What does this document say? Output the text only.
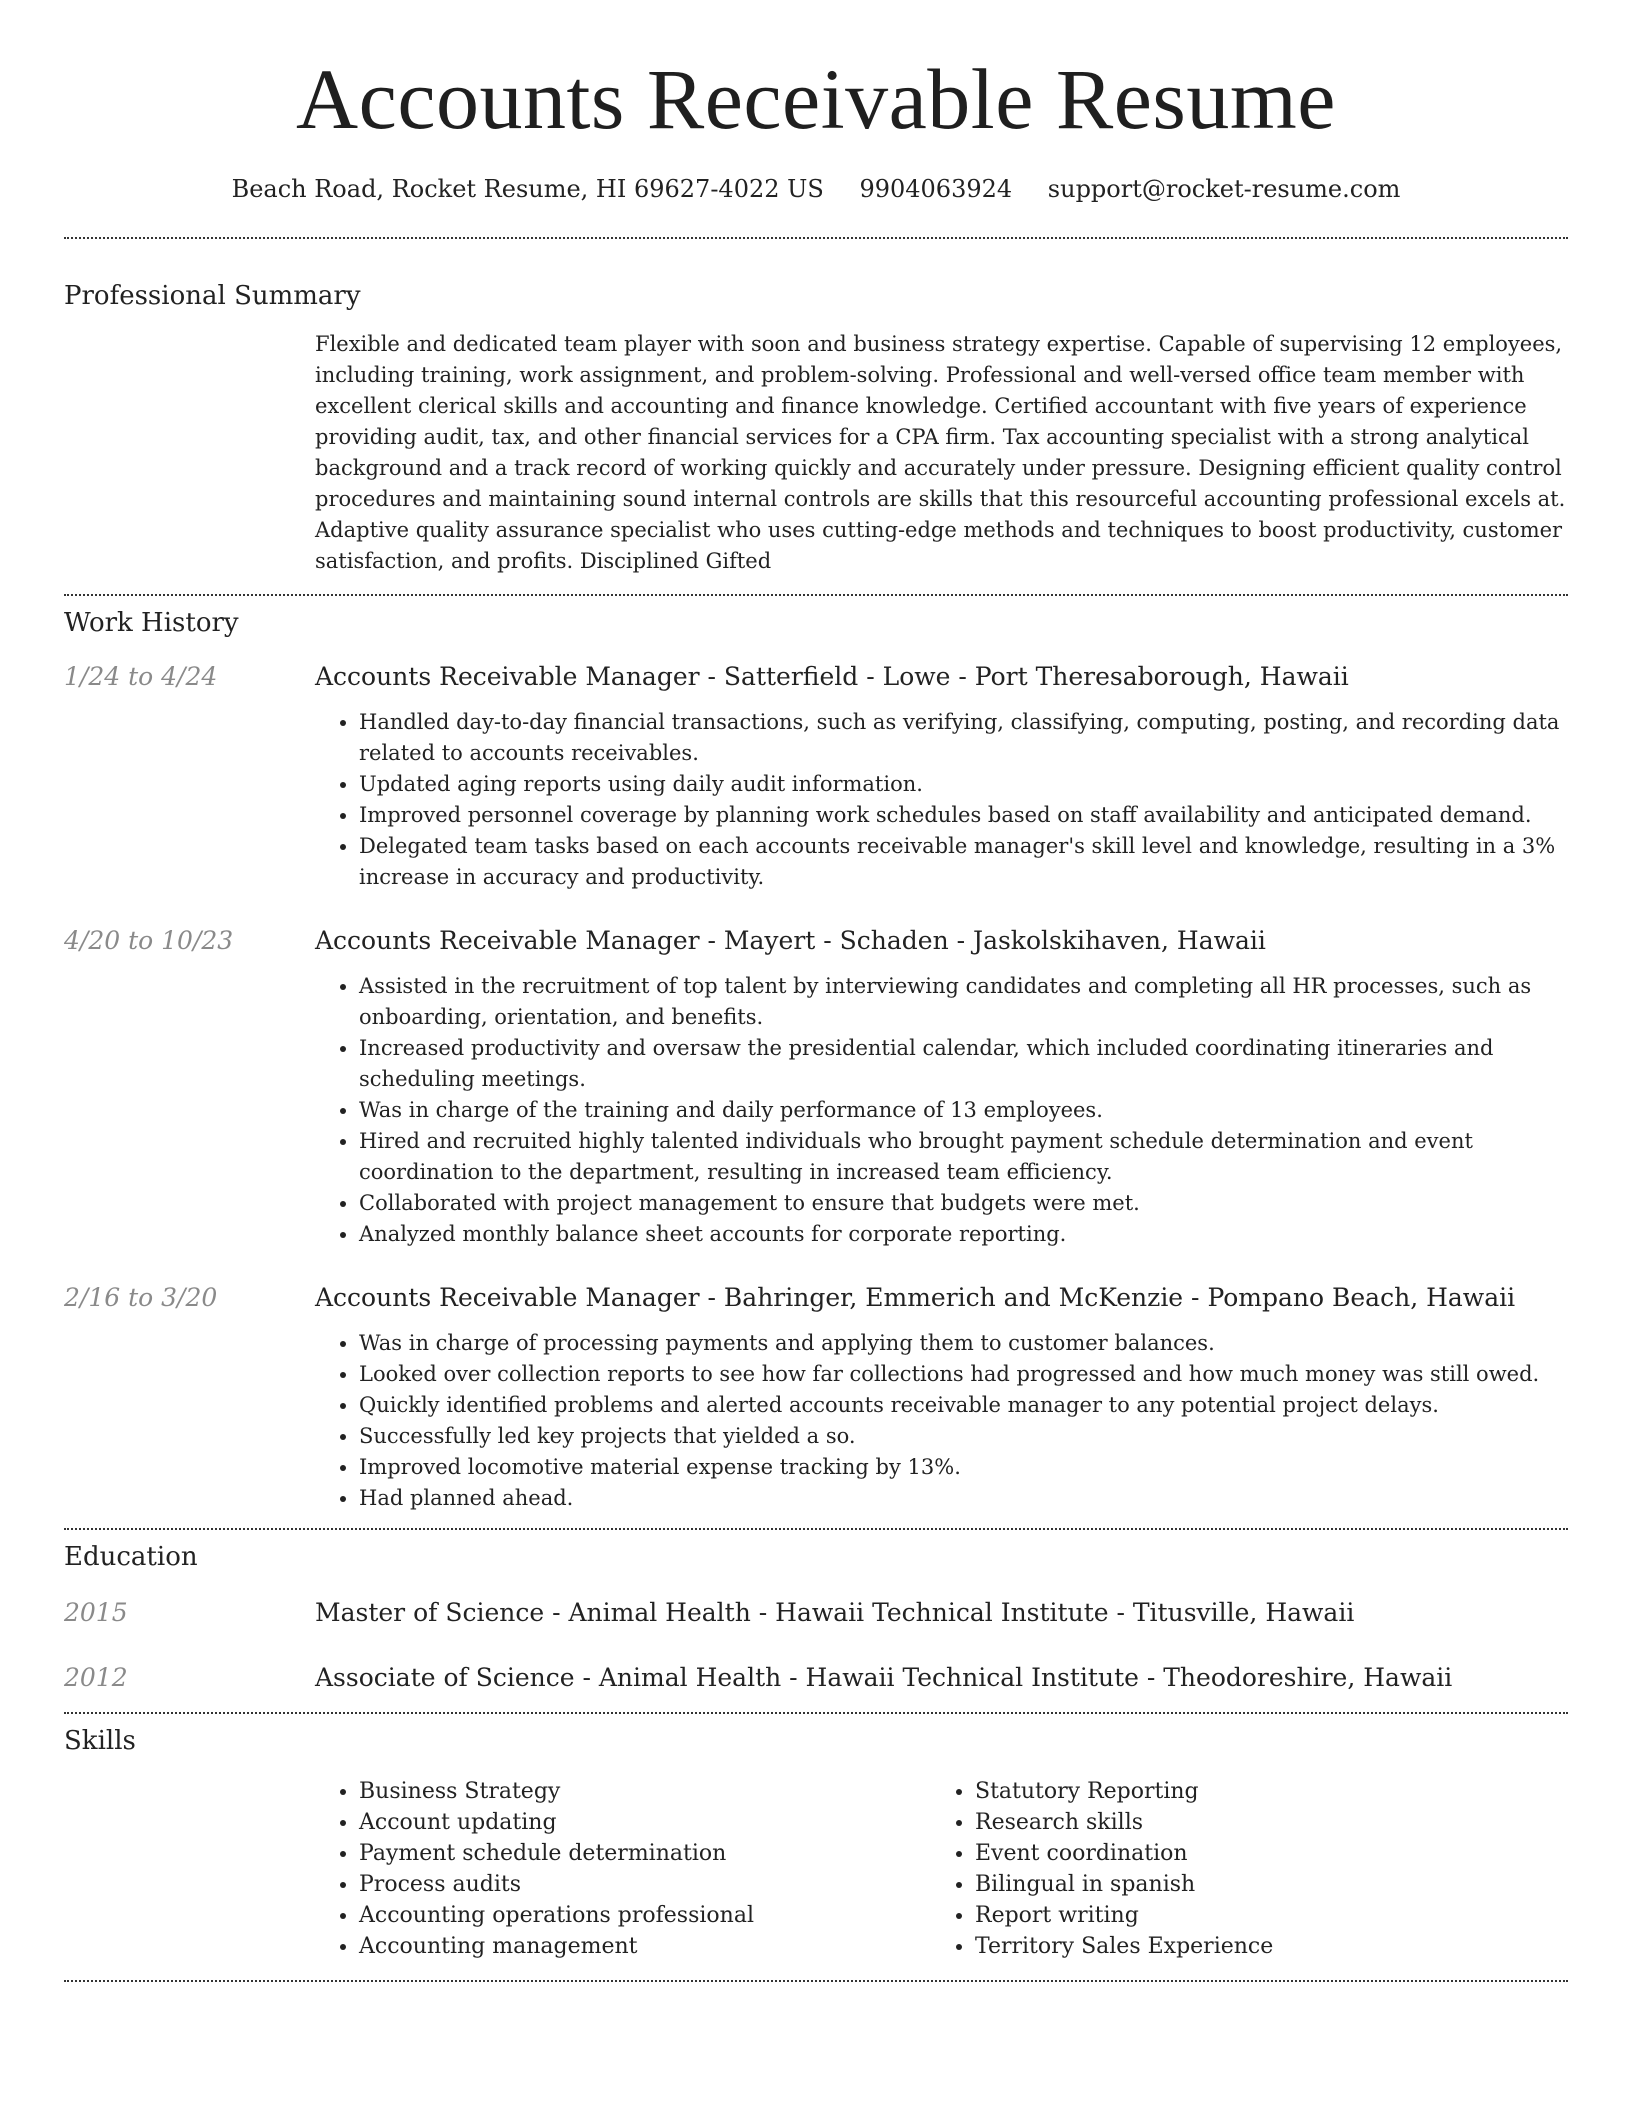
Accounts Receivable Resume
Beach Road, Rocket Resume, HI 69627-4022 US 9904063924 support@rocket-resume.com
Professional Summary
Flexible and dedicated team player with soon and business strategy expertise. Capable of supervising 12 employees, including training, work assignment, and problem-solving. Professional and well-versed office team member with excellent clerical skills and accounting and finance knowledge. Certified accountant with five years of experience providing audit, tax, and other financial services for a CPA firm. Tax accounting specialist with a strong analytical background and a track record of working quickly and accurately under pressure. Designing efficient quality control procedures and maintaining sound internal controls are skills that this resourceful accounting professional excels at. Adaptive quality assurance specialist who uses cutting-edge methods and techniques to boost productivity, customer satisfaction, and profits. Disciplined Gifted
Work History
1/24 to 4/24	Accounts Receivable Manager - Satterfield - Lowe - Port Theresaborough, Hawaii
• Handled day-to-day financial transactions, such as verifying, classifying, computing, posting, and recording data related to accounts receivables.
• Updated aging reports using daily audit information.
• Improved personnel coverage by planning work schedules based on staff availability and anticipated demand.
• Delegated team tasks based on each accounts receivable manager's skill level and knowledge, resulting in a 3% increase in accuracy and productivity.
4/20 to 10/23	Accounts Receivable Manager - Mayert - Schaden - Jaskolskihaven, Hawaii
• Assisted in the recruitment of top talent by interviewing candidates and completing all HR processes, such as onboarding, orientation, and benefits.
• Increased productivity and oversaw the presidential calendar, which included coordinating itineraries and scheduling meetings.
• Was in charge of the training and daily performance of 13 employees.
• Hired and recruited highly talented individuals who brought payment schedule determination and event coordination to the department, resulting in increased team efficiency.
• Collaborated with project management to ensure that budgets were met.
• Analyzed monthly balance sheet accounts for corporate reporting.
2/16 to 3/20	Accounts Receivable Manager - Bahringer, Emmerich and McKenzie - Pompano Beach, Hawaii
• Was in charge of processing payments and applying them to customer balances.
• Looked over collection reports to see how far collections had progressed and how much money was still owed.
• Quickly identified problems and alerted accounts receivable manager to any potential project delays.
• Successfully led key projects that yielded a so.
• Improved locomotive material expense tracking by 13%.
• Had planned ahead.
Education
2015	Master of Science - Animal Health - Hawaii Technical Institute - Titusville, Hawaii
2012	Associate of Science - Animal Health - Hawaii Technical Institute - Theodoreshire, Hawaii
Skills
• Business Strategy
• Account updating
• Payment schedule determination
• Process audits
• Accounting operations professional
• Accounting management
• Statutory Reporting
• Research skills
• Event coordination
• Bilingual in spanish
• Report writing
• Territory Sales Experience
